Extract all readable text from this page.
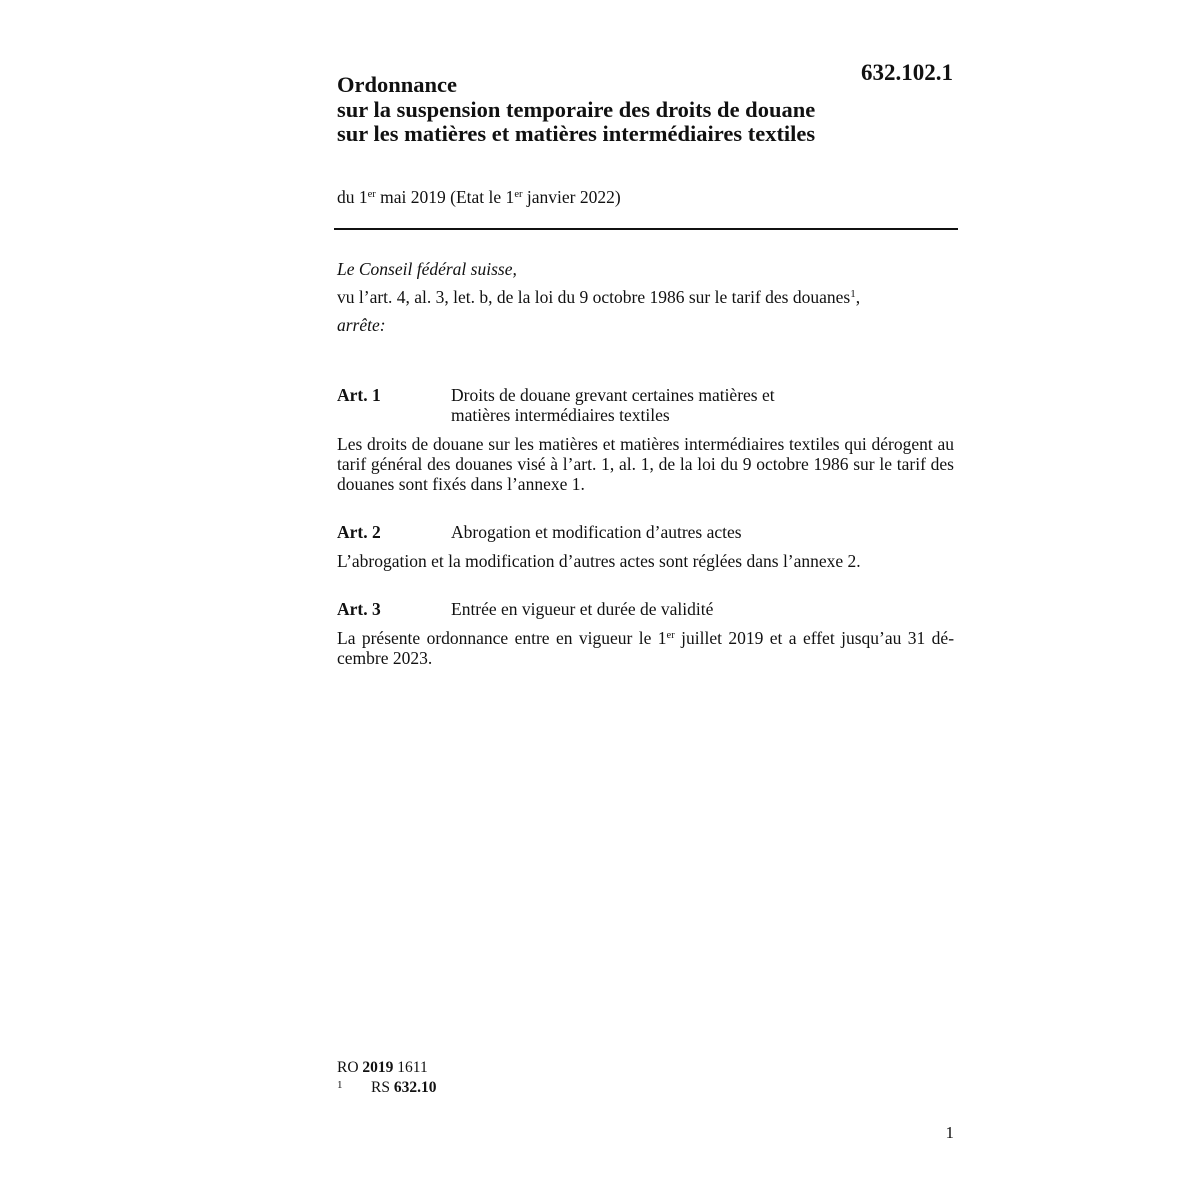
632.102.1
Ordonnance
sur la suspension temporaire des droits de douane
sur les matières et matières intermédiaires textiles
du 1er mai 2019 (Etat le 1er janvier 2022)
Le Conseil fédéral suisse,
vu l’art. 4, al. 3, let. b, de la loi du 9 octobre 1986 sur le tarif des douanes$^1$,
arrête:
Art. 1	Droits de douane grevant certaines matières et
matières intermédiaires textiles
Les droits de douane sur les matières et matières intermédiaires textiles qui dérogent au tarif général des douanes visé à l’art. 1, al. 1, de la loi du 9 octobre 1986 sur le tarif des douanes sont fixés dans l’annexe 1.
Art. 2	Abrogation et modification d’autres actes
L’abrogation et la modification d’autres actes sont réglées dans l’annexe 2.
Art. 3	Entrée en vigueur et durée de validité
La présente ordonnance entre en vigueur le 1er juillet 2019 et a effet jusqu’au 31 décembre 2023.
RO 2019 1611
1	RS 632.10
1
